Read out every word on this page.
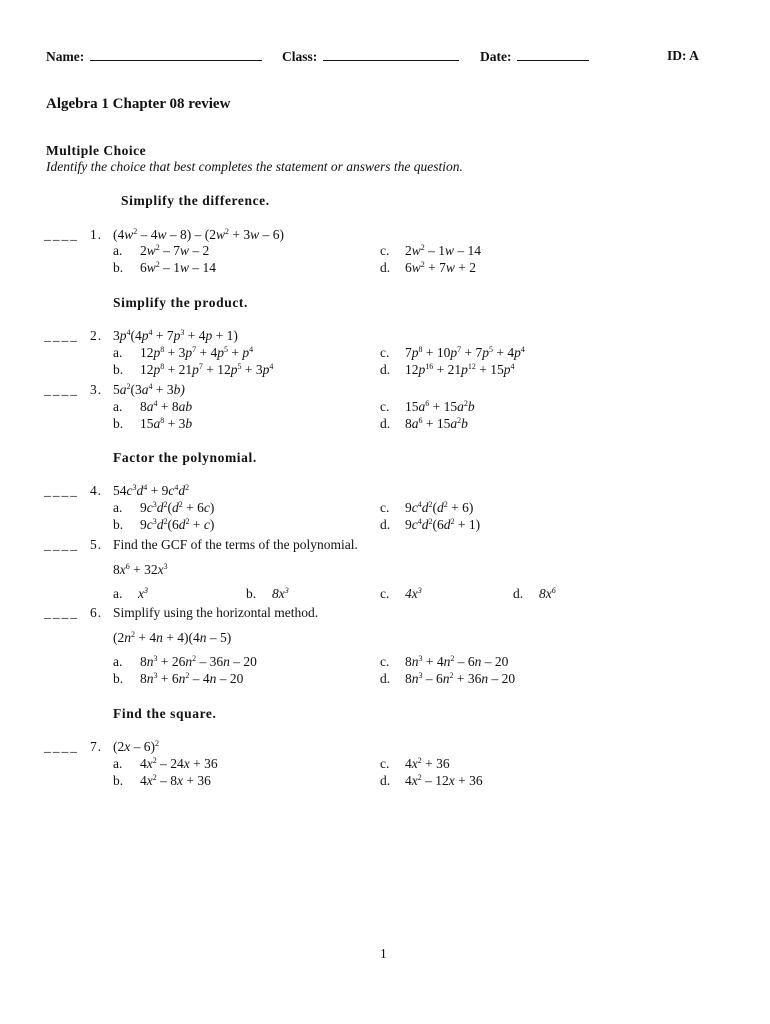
Name:	Class:	Date:	ID: A
Algebra 1 Chapter 08 review
Multiple Choice
Identify the choice that best completes the statement or answers the question.
Simplify the difference.
Simplify the product.
Factor the polynomial.
Find the square.
____ 1. $(4w^2 - 4w - 8) - (2w^2 + 3w - 6)$
a. $2w^2 - 7w - 2$
b. $6w^2 - 1w - 14$
c. $2w^2 - 1w - 14$
d. $6w^2 + 7w + 2$
____ 2. $3p^4(4p^4 + 7p^3 + 4p + 1)$
a. $12p^8 + 3p^7 + 4p^5 + p^4$
b. $12p^8 + 21p^7 + 12p^5 + 3p^4$
c. $7p^8 + 10p^7 + 7p^5 + 4p^4$
d. $12p^{16} + 21p^{12} + 15p^4$
____ 3. $5a^2(3a^4 + 3b)$
a. $8a^4 + 8ab$
b. $15a^8 + 3b$
c. $15a^6 + 15a^2b$
d. $8a^6 + 15a^2b$
____ 4. $54c^3d^4 + 9c^4d^2$
a. $9c^3d^2(d^2 + 6c)$
b. $9c^3d^2(6d^2 + c)$
c. $9c^4d^2(d^2 + 6)$
d. $9c^4d^2(6d^2 + 1)$
____ 5. Find the GCF of the terms of the polynomial.
$8x^6 + 32x^3$
a. $x^3$	b. $8x^3$	c. $4x^3$	d. $8x^6$
____ 6. Simplify using the horizontal method.
$(2n^2 + 4n + 4)(4n - 5)$
a. $8n^3 + 26n^2 - 36n - 20$
b. $8n^3 + 6n^2 - 4n - 20$
c. $8n^3 + 4n^2 - 6n - 20$
d. $8n^3 - 6n^2 + 36n - 20$
____ 7. (2x – 6)$^2$
a. $4x^2 - 24x + 36$
b. $4x^2 - 8x + 36$
c. $4x^2 + 36$
d. $4x^2 - 12x + 36$
1
